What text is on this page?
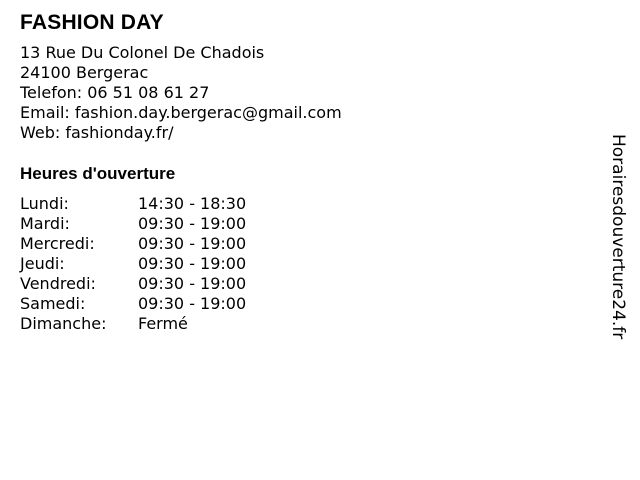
FASHION DAY
13 Rue Du Colonel De Chadois
24100 Bergerac
Telefon: 06 51 08 61 27
Email: fashion.day.bergerac@gmail.com
Web: fashionday.fr/
Heures d'ouverture
Lundi:	14:30 - 18:30
Mardi:	09:30 - 19:00
Mercredi:	09:30 - 19:00
Jeudi:	09:30 - 19:00
Vendredi:	09:30 - 19:00
Samedi:	09:30 - 19:00
Dimanche:	Fermé	Horairesdouverture24.fr
